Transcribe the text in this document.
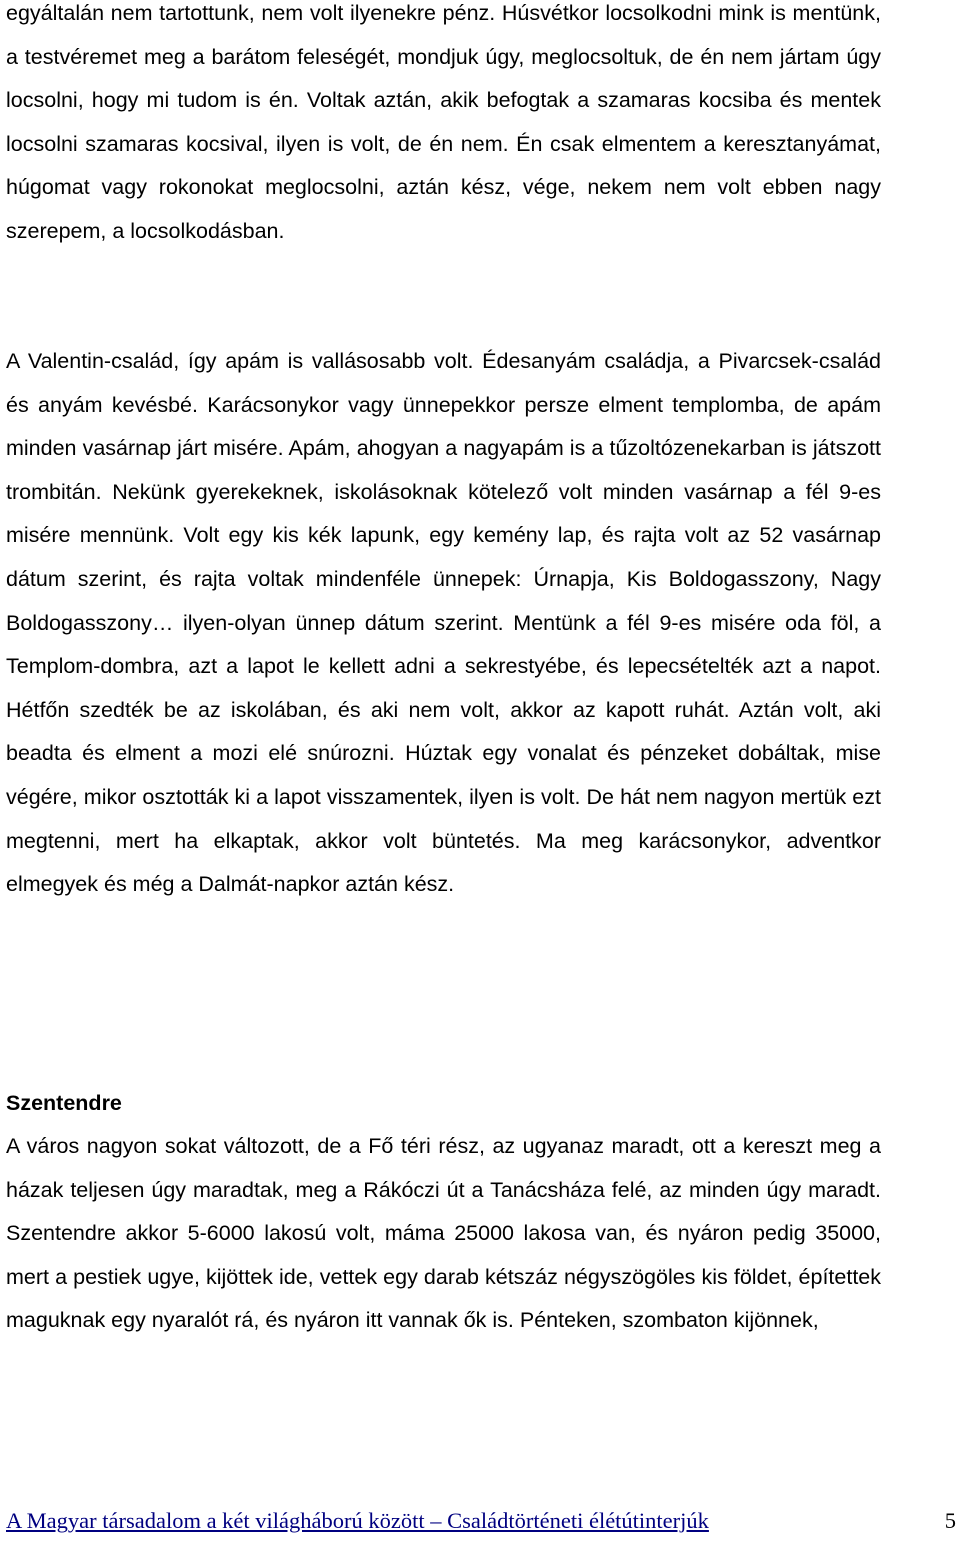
egyáltalán nem tartottunk, nem volt ilyenekre pénz. Húsvétkor locsolkodni mink is mentünk, a testvéremet meg a barátom feleségét, mondjuk úgy, meglocsoltuk, de én nem jártam úgy locsolni, hogy mi tudom is én. Voltak aztán, akik befogtak a szamaras kocsiba és mentek locsolni szamaras kocsival, ilyen is volt, de én nem. Én csak elmentem a keresztanyámat, húgomat vagy rokonokat meglocsolni, aztán kész, vége, nekem nem volt ebben nagy szerepem, a locsolkodásban.

A Valentin-család, így apám is vallásosabb volt. Édesanyám családja, a Pivarcsek-család és anyám kevésbé. Karácsonykor vagy ünnepekkor persze elment templomba, de apám minden vasárnap járt misére. Apám, ahogyan a nagyapám is a tűzoltózenekarban is játszott trombitán. Nekünk gyerekeknek, iskolásoknak kötelező volt minden vasárnap a fél 9-es misére mennünk. Volt egy kis kék lapunk, egy kemény lap, és rajta volt az 52 vasárnap dátum szerint, és rajta voltak mindenféle ünnepek: Úrnapja, Kis Boldogasszony, Nagy Boldogasszony… ilyen-olyan ünnep dátum szerint. Mentünk a fél 9-es misére oda föl, a Templom-dombra, azt a lapot le kellett adni a sekrestyébe, és lepecsételték azt a napot. Hétfőn szedték be az iskolában, és aki nem volt, akkor az kapott ruhát. Aztán volt, aki beadta és elment a mozi elé snúrozni. Húztak egy vonalat és pénzeket dobáltak, mise végére, mikor osztották ki a lapot visszamentek, ilyen is volt. De hát nem nagyon mertük ezt megtenni, mert ha elkaptak, akkor volt büntetés. Ma meg karácsonykor, adventkor elmegyek és még a Dalmát-napkor aztán kész.

Szentendre

A város nagyon sokat változott, de a Fő téri rész, az ugyanaz maradt, ott a kereszt meg a házak teljesen úgy maradtak, meg a Rákóczi út a Tanácsháza felé, az minden úgy maradt. Szentendre akkor 5-6000 lakosú volt, máma 25000 lakosa van, és nyáron pedig 35000, mert a pestiek ugye, kijöttek ide, vettek egy darab kétszáz négyszögöles kis földet, építettek maguknak egy nyaralót rá, és nyáron itt vannak ők is. Pénteken, szombaton kijönnek,

A Magyar társadalom a két világháború között – Családtörténeti élétútinterjúk	5
